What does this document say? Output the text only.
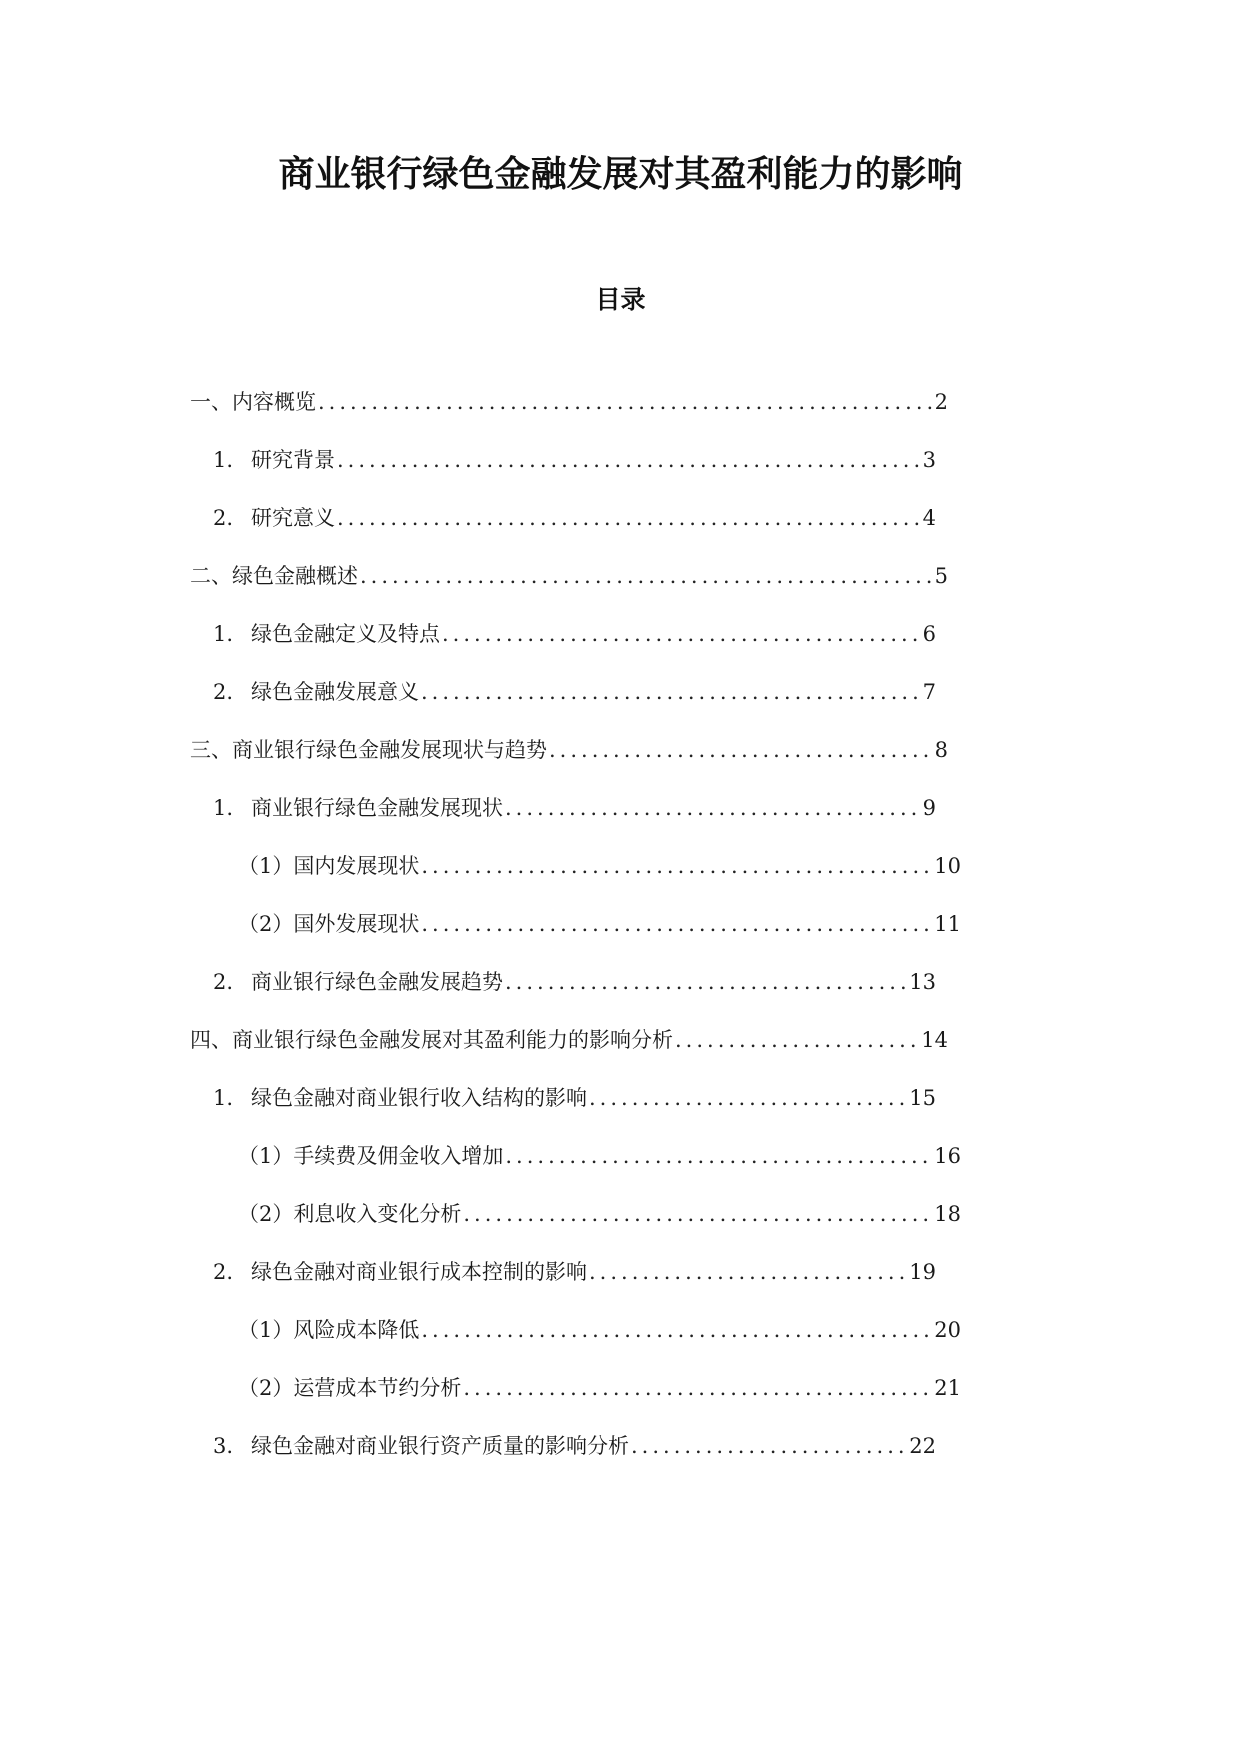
商业银行绿色金融发展对其盈利能力的影响
目录
一、内容概览 .....	2
1. 研究背景 .....	3
2. 研究意义 .....	4
二、绿色金融概述 .....	5
1. 绿色金融定义及特点 .....	6
2. 绿色金融发展意义 .....	7
三、商业银行绿色金融发展现状与趋势 .....	8
1. 商业银行绿色金融发展现状 .....	9
（1）国内发展现状 .....	10
（2）国外发展现状 .....	11
2. 商业银行绿色金融发展趋势 .....	13
四、商业银行绿色金融发展对其盈利能力的影响分析 .....	14
1. 绿色金融对商业银行收入结构的影响 .....	15
（1）手续费及佣金收入增加 .....	16
（2）利息收入变化分析 .....	18
2. 绿色金融对商业银行成本控制的影响 .....	19
（1）风险成本降低 .....	20
（2）运营成本节约分析 .....	21
3. 绿色金融对商业银行资产质量的影响分析 .....	22
